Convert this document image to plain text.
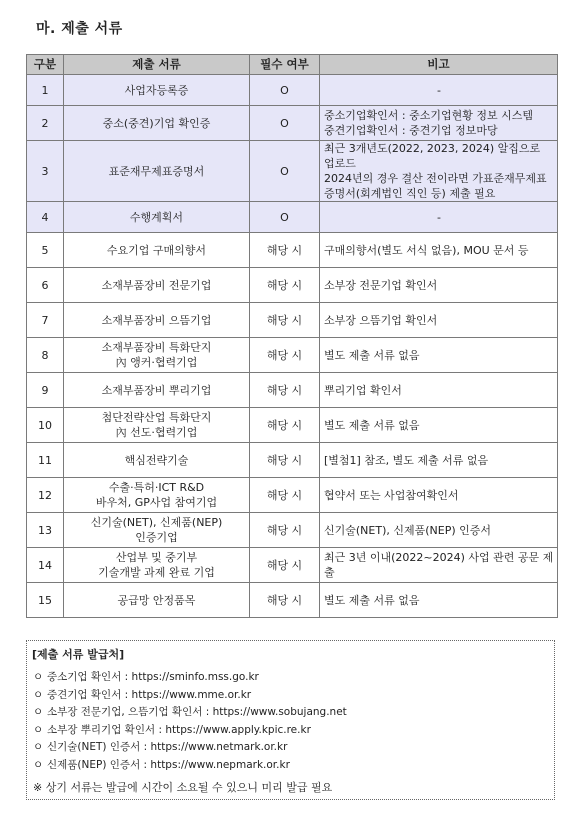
마. 제출 서류
구분	제출 서류	필수 여부	비고
1	사업자등록증	O	-

2	중소(중견)기업 확인증	O	중소기업확인서 : 중소기업현황 정보 시스템
중견기업확인서 : 중견기업 정보마당

3	표준재무제표증명서	O	최근 3개년도(2022, 2023, 2024) 알집으로 업로드
2024년의 경우 결산 전이라면 가표준재무제표
증명서(회계법인 직인 등) 제출 필요

4	수행계획서	O	-

5	수요기업 구매의향서	해당 시	구매의향서(별도 서식 없음), MOU 문서 등

6	소재부품장비 전문기업	해당 시	소부장 전문기업 확인서

7	소재부품장비 으뜸기업	해당 시	소부장 으뜸기업 확인서

8	소재부품장비 특화단지
內 앵커·협력기업	해당 시	별도 제출 서류 없음

9	소재부품장비 뿌리기업	해당 시	뿌리기업 확인서

10	첨단전략산업 특화단지
內 선도·협력기업	해당 시	별도 제출 서류 없음

11	핵심전략기술	해당 시	[별첨1] 참조, 별도 제출 서류 없음

12	수출·특허·ICT R&D
바우처, GP사업 참여기업	해당 시	협약서 또는 사업참여확인서

13	신기술(NET), 신제품(NEP)
인증기업	해당 시	신기술(NET), 신제품(NEP) 인증서

14	산업부 및 중기부
기술개발 과제 완료 기업	해당 시	최근 3년 이내(2022~2024) 사업 관련 공문 제출

15	공급망 안정품목	해당 시	별도 제출 서류 없음
[제출 서류 발급처]
ㅇ 중소기업 확인서 : https://sminfo.mss.go.kr
ㅇ 중견기업 확인서 : https://www.mme.or.kr
ㅇ 소부장 전문기업, 으뜸기업 확인서 : https://www.sobujang.net
ㅇ 소부장 뿌리기업 확인서 : https://www.apply.kpic.re.kr
ㅇ 신기술(NET) 인증서 : https://www.netmark.or.kr
ㅇ 신제품(NEP) 인증서 : https://www.nepmark.or.kr
※ 상기 서류는 발급에 시간이 소요될 수 있으니 미리 발급 필요
